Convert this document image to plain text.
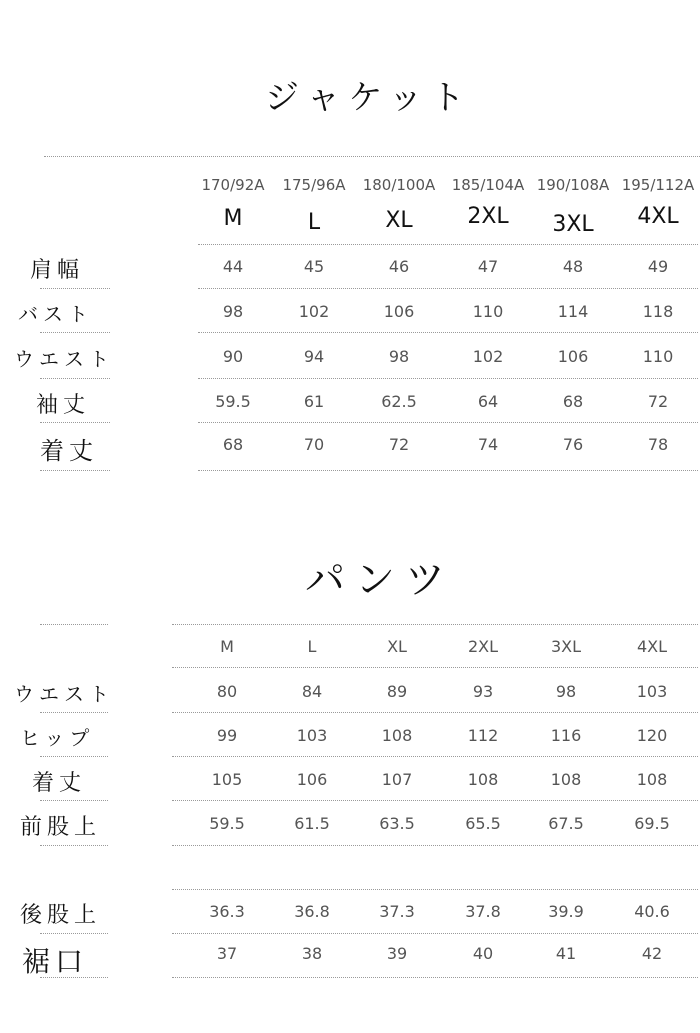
ジャケット
パンツ
170/92A	175/96A	180/100A	185/104A 190/108A 195/112A
M	L	XL	2XL	3XL	4XL
肩幅	44	45	46	47	48	49
バスト	98	102	106	110	114	118
ウエスト	90	94	98	102	106	110
袖丈	59.5	61	62.5	64	68	72
着丈	68	70	72	74	76	78
M	L	XL	2XL	3XL	4XL
ウエスト	80	84	89	93	98	103
ヒップ	99	103	108	112	116	120
着丈	105	106	107	108	108	108
前股上	59.5	61.5	63.5	65.5	67.5	69.5
後股上	36.3	36.8	37.3	37.8	39.9	40.6
裾口	37	38	39	40	41	42
